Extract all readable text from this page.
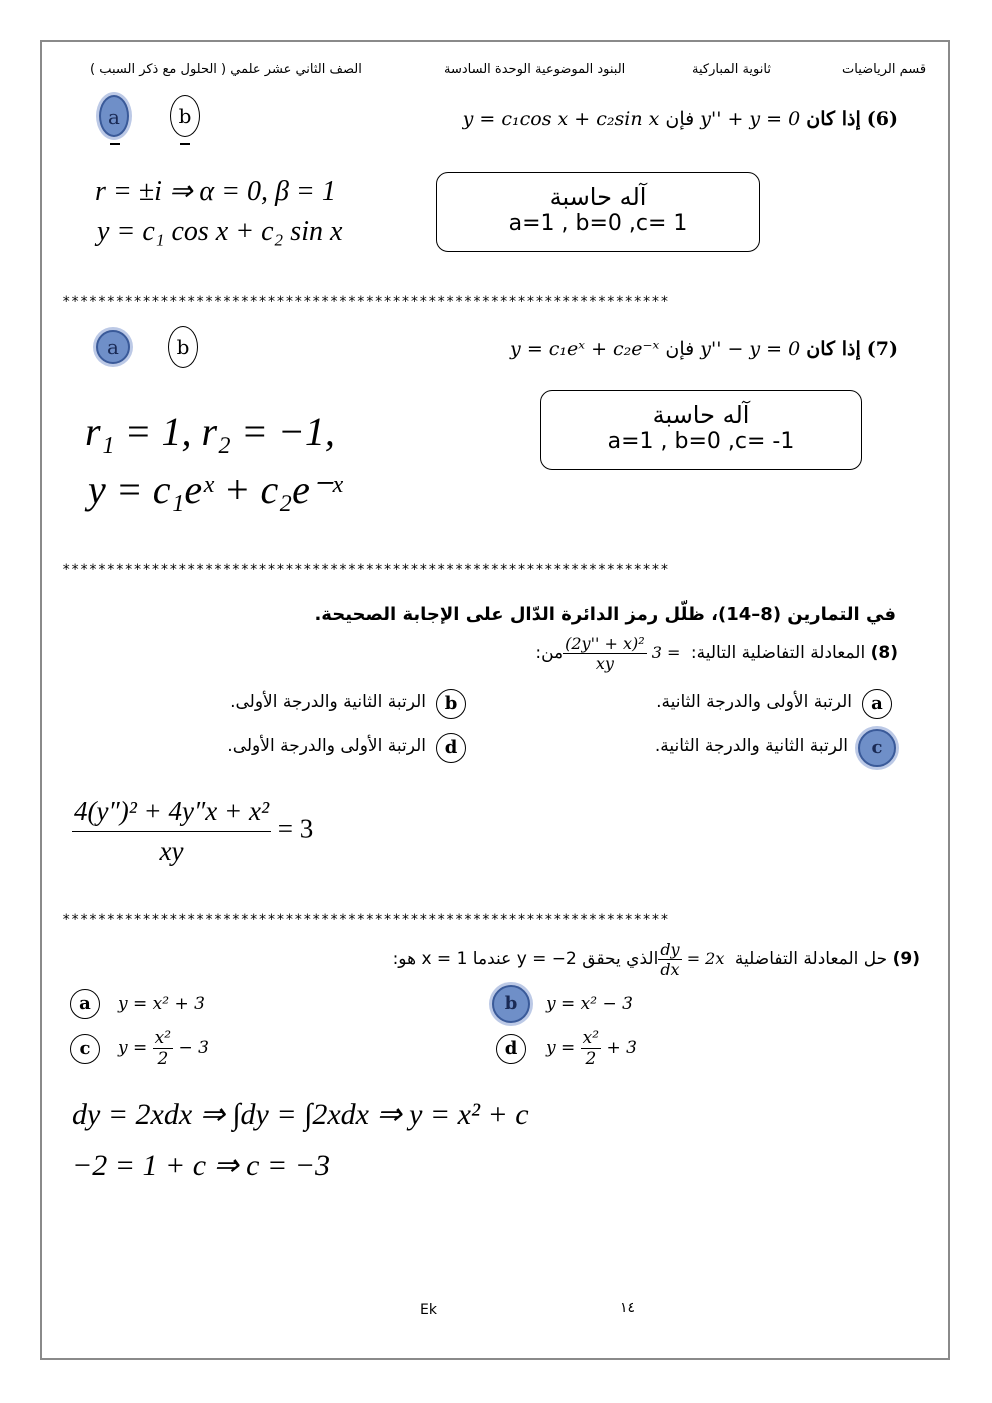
قسم الرياضيات
ثانوية المباركية
البنود الموضوعية الوحدة السادسة
الصف الثاني عشر علمي ( الحلول مع ذكر السبب )
a	b	(6) إذا كان y'' + y = 0 فإن y = c₁cos x + c₂sin x
r = ±i ⇒ α = 0, β = 1
y = c₁ cos x + c₂ sin x
آله حاسبة
a=1 , b=0 ,c= 1
********************************************************************
a	b	(7) إذا كان y'' − y = 0 فإن y = c₁eˣ + c₂e⁻ˣ
r₁ = 1, r₂ = −1,
y = c₁eˣ + c₂e⁻ˣ
آله حاسبة
a=1 , b=0 ,c= -1
********************************************************************
في التمارين (8–14)، ظلّل رمز الدائرة الدّال على الإجابة الصحيحة.
(8) المعادلة التفاضلية التالية:
$\frac{\text{(2y'' + x)²}}{xy} 3$ = من:
a
الرتبة الأولى والدرجة الثانية.
b
الرتبة الثانية والدرجة الأولى.
c
الرتبة الثانية والدرجة الثانية.
d
الرتبة الأولى والدرجة الأولى.
$\frac{\text{4(y″)² + 4y″x + x²}}{xy} = 3$
********************************************************************
(9) حل المعادلة التفاضلية
$\frac{dy}{dx} = 2x$ الذي يحقق y = −2 عندما x = 1 هو:
a	y = x² + 3	b	y = x² − 3
c	$y = \frac{\text{x²}}{2} - 3$	d	$y = \frac{\text{x²}}{2} + 3$
dy = 2xdx ⇒ ∫dy = ∫2xdx ⇒ y = x² + c
−2 = 1 + c ⇒ c = −3
Ek	١٤
